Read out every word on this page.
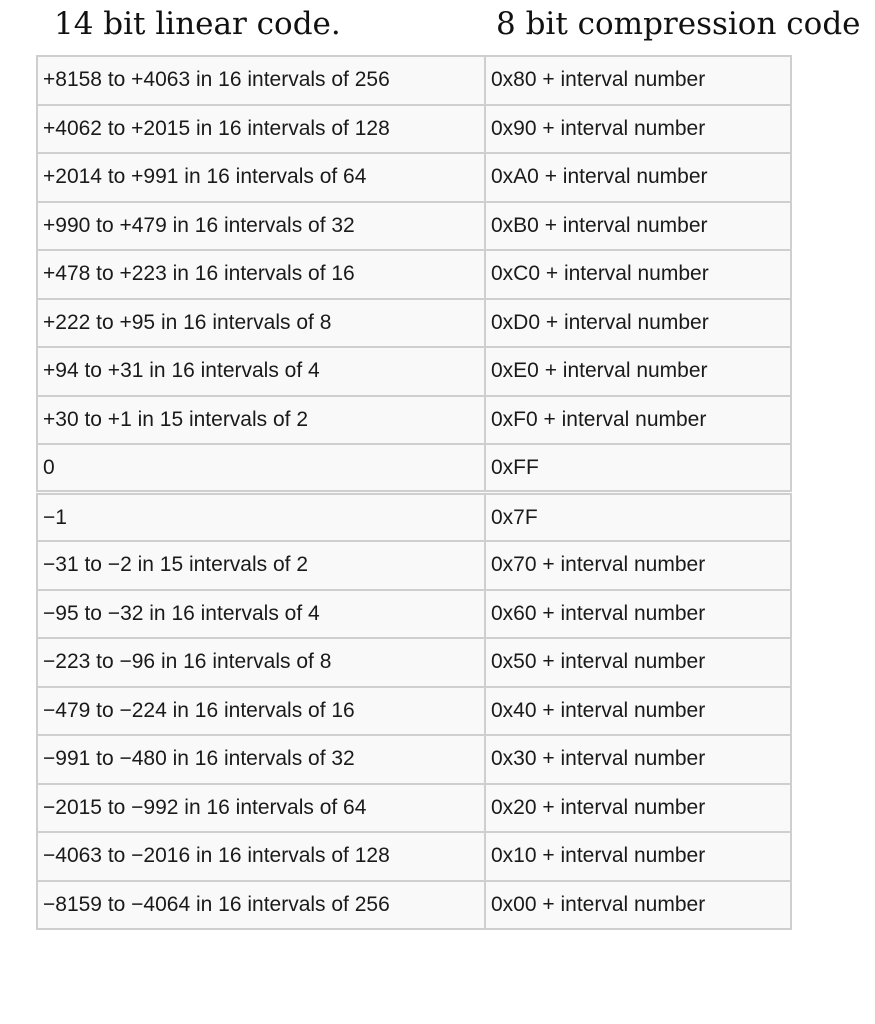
14 bit linear code.	8 bit compression code
+8158 to +4063 in 16 intervals of 256	0x80 + interval number
+4062 to +2015 in 16 intervals of 128	0x90 + interval number
+2014 to +991 in 16 intervals of 64	0xA0 + interval number
+990 to +479 in 16 intervals of 32	0xB0 + interval number
+478 to +223 in 16 intervals of 16	0xC0 + interval number
+222 to +95 in 16 intervals of 8	0xD0 + interval number
+94 to +31 in 16 intervals of 4	0xE0 + interval number
+30 to +1 in 15 intervals of 2	0xF0 + interval number
0	0xFF
−1	0x7F
−31 to −2 in 15 intervals of 2	0x70 + interval number
−95 to −32 in 16 intervals of 4	0x60 + interval number
−223 to −96 in 16 intervals of 8	0x50 + interval number
−479 to −224 in 16 intervals of 16	0x40 + interval number
−991 to −480 in 16 intervals of 32	0x30 + interval number
−2015 to −992 in 16 intervals of 64	0x20 + interval number
−4063 to −2016 in 16 intervals of 128	0x10 + interval number
−8159 to −4064 in 16 intervals of 256	0x00 + interval number
